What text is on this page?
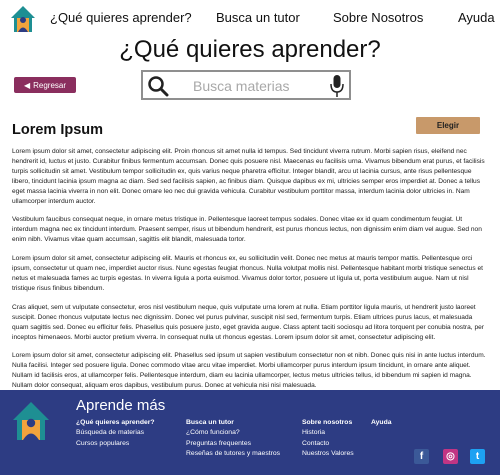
¿Qué quieres aprender? Busca un tutor	Sobre Nosotros	Ayuda
¿Qué quieres aprender?
◀ Regresar
Busca materias
Lorem Ipsum	Elegir

Lorem ipsum dolor sit amet, consectetur adipiscing elit. Proin rhoncus sit amet nulla id tempus. Sed tincidunt viverra rutrum. Morbi sapien risus, eleifend nec hendrerit id, luctus et justo. Curabitur finibus fermentum accumsan. Donec quis posuere nisl. Maecenas eu facilisis urna. Vivamus bibendum erat purus, et facilisis turpis sollicitudin sit amet. Vestibulum tempor sollicitudin ex, quis varius neque pharetra efficitur. Integer blandit, arcu ut lacinia cursus, ante risus pellentesque libero, tincidunt lacinia ipsum magna ac diam. Sed sed facilisis sapien, ac finibus diam. Quisque dapibus ex mi, ultricies semper eros imperdiet at. Donec a tellus eget massa lacinia viverra in non elit. Donec ornare leo nec dui gravida vehicula. Curabitur vestibulum porttitor massa, interdum lacinia dolor ultricies in. Nam ullamcorper interdum auctor.

Vestibulum faucibus consequat neque, in ornare metus tristique in. Pellentesque laoreet tempus sodales. Donec vitae ex id quam condimentum feugiat. Ut interdum magna nec ex tincidunt interdum. Praesent semper, risus ut bibendum hendrerit, est purus rhoncus lectus, non dignissim enim diam vel augue. Sed non enim nibh. Vivamus vitae quam accumsan, sagittis elit blandit, malesuada tortor.

Lorem ipsum dolor sit amet, consectetur adipiscing elit. Mauris et rhoncus ex, eu sollicitudin velit. Donec nec metus at mauris tempor mattis. Pellentesque orci ipsum, consectetur ut quam nec, imperdiet auctor risus. Nunc egestas feugiat rhoncus. Nulla volutpat mollis nisl. Pellentesque habitant morbi tristique senectus et netus et malesuada fames ac turpis egestas. In viverra ligula a porta euismod. Vivamus dolor tortor, posuere ut ligula ut, porta vestibulum augue. Nam ut nisl tristique risus finibus bibendum.

Cras aliquet, sem ut vulputate consectetur, eros nisl vestibulum neque, quis vulputate urna lorem at nulla. Etiam porttitor ligula mauris, ut hendrerit justo laoreet suscipit. Donec rhoncus vulputate lectus nec dignissim. Donec vel purus pulvinar, suscipit nisl sed, fermentum turpis. Etiam ultrices purus lacus, et malesuada quam sagittis sed. Donec eu efficitur felis. Phasellus quis posuere justo, eget gravida augue. Class aptent taciti sociosqu ad litora torquent per conubia nostra, per inceptos himenaeos. Morbi auctor pretium viverra. In consequat nulla ut rhoncus egestas. Lorem ipsum dolor sit amet, consectetur adipiscing elit.

Lorem ipsum dolor sit amet, consectetur adipiscing elit. Phasellus sed ipsum ut sapien vestibulum consectetur non et nibh. Donec quis nisi in ante luctus interdum. Nulla facilisi. Integer sed posuere ligula. Donec commodo vitae arcu vitae imperdiet. Morbi ullamcorper purus interdum ipsum tincidunt, in ornare ante aliquet. Nullam id facilisis eros, at ullamcorper felis. Pellentesque interdum, diam eu lacinia ullamcorper, lectus metus ultricies tellus, id bibendum mi sapien id magna. Nullam dolor consequat, aliquam eros dapibus, vestibulum purus. Donec at vehicula nisi nisi malesuada.

Aprende más
¿Qué quieres aprender?
Búsqueda de materias
Cursos populares
Busca un tutor
¿Cómo funciona?
Preguntas frequentes
Reseñas de tutores y maestros
Sobre nosotros
Historia
Contacto
Nuestros Valores
Ayuda
f	◎	t
